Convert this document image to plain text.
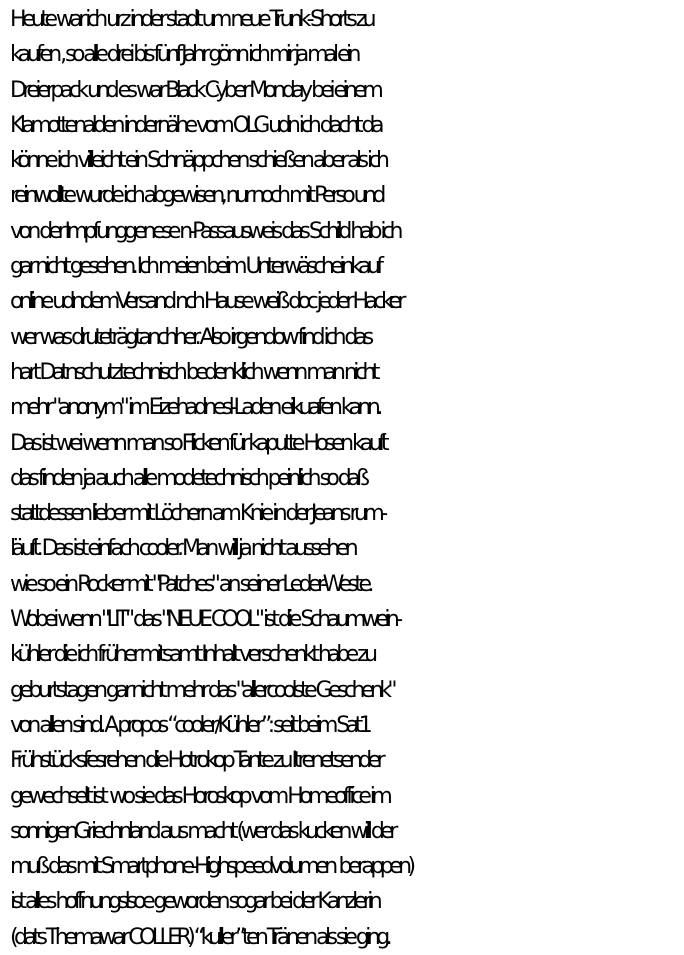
Heute war ich urz inder stadt um neue Trunk-Shorts zu
kaufen , so alle drei bis fünf Jahr gönn ich mir ja mal ein
Dreierpack und es war Black Cyber Monday bei einem
Klamottenalden indernähe vom OLG udn ich dacht da
könne ich villeicht ein Schnäppchen schießen aber als ich
reinwollte wurde ich abgewisen, nur noch mit Perso und
von der Impfunggenese n-Passausweis das Schild hab ich
gar nicht gesehen. Ich meien beim Unterwäscheinkauf
online udndemVersand nch Hause weiß doc jeder Hacker
wer was druteträgtanchher. Also irgendow find ich das
hart Datnschutztechnisch bedenklich wenn man nicht
mehr "anonym" im Eizehadnesl-Laden eikuafen kann.
Das ist wei wenn man so Flicken für kaputte Hosen kauft
das finden ja auch alle modetechnisch peinlich so daß
stattdessen lieber mit Löchern am Knie in der Jeans rum-
läuft. Das ist einfach cooler. Man will ja nicht aussehen
wie so ein Rocker mit "Patches" an seiner Leder-Weste.
Wobei wenn "LIT" das "NEUE COOL" ist die Schaumwein-
kühler die ich früher mitsamt Inhalt verschenkt habe zu
geburtstagen gar nicht mehr das "allercoolste Geschenk"
von allen sind. A propos “cooler/Kühler”: seit beim Sat1
Frühstücksfesrehen die Hotrokop Tante zu Itrenetsender
gewechselt ist  wo sie das Horoskop vom Homeoffice im
sonnigenGriechnland aus macht (wer das kucken will der
muß das mit Smartphone-Highspeedvolumen  berappen)
ist alles hoffnungslsoe geworden sogar bei der Kanzlerin
(dats Themawar COLLER) “kuller”ten Tränen als sie ging.
